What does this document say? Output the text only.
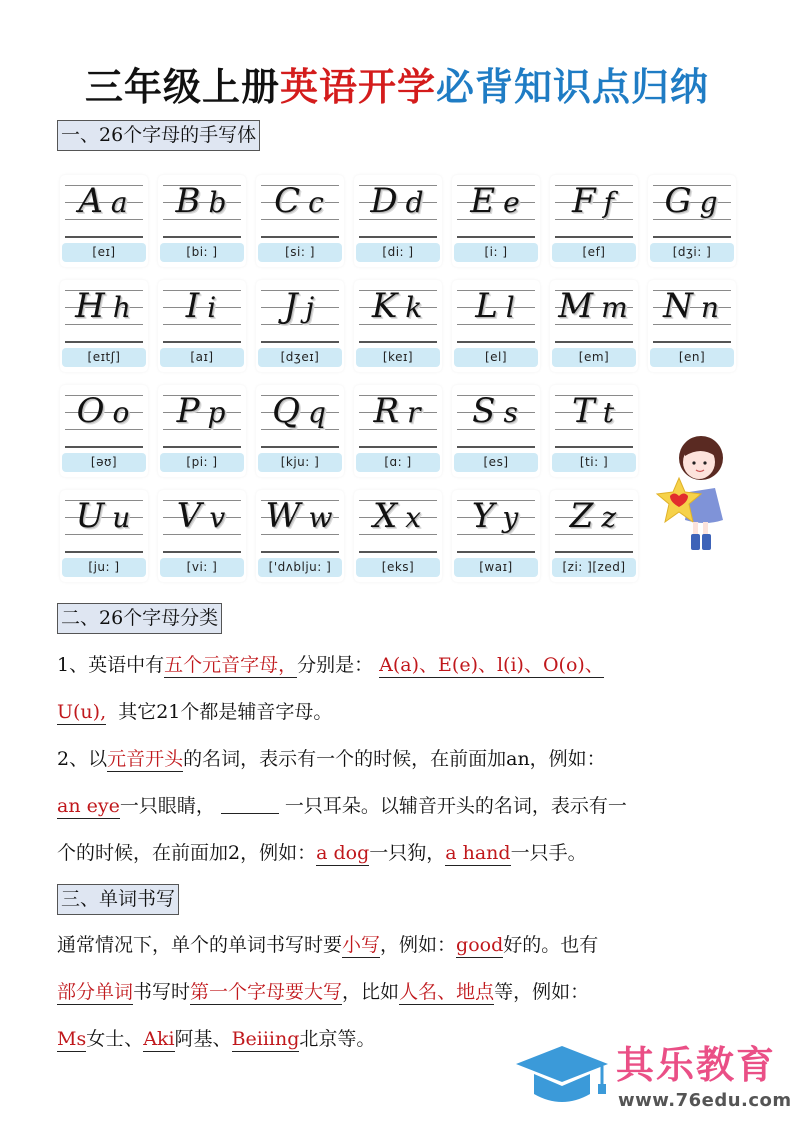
三年级上册英语开学必背知识点归纳
一、26个字母的手写体
A a
[eɪ]
B b
[bi: ]
C c
[si: ]
D d
[di: ]
E e
[i: ]
F f
[ef]
G g
[dʒi: ]
H h
[eɪtʃ]
I i
[aɪ]
J j
[dʒeɪ]
K k
[keɪ]
L l
[el]
M m
[em]
N n
[en]
O o
[əʊ]
P p
[pi: ]
Q q
[kju: ]
R r
[ɑ: ]
S s
[es]
T t
[ti: ]
U u
[ju: ]
V v
[vi: ]
W w
['dʌblju: ]
X x
[eks]
Y y
[waɪ]
Z z
[zi: ][zed]
二、26个字母分类
1、英语中有五个元音字母，分别是： A(a)、E(e)、l(i)、O(o)、
U(u), 其它21个都是辅音字母。
2、以元音开头的名词，表示有一个的时候，在前面加an，例如：
an eye一只眼睛，	一只耳朵。以辅音开头的名词，表示有一
个的时候，在前面加2，例如：a dog一只狗，a hand一只手。
三、单词书写
通常情况下，单个的单词书写时要小写，例如：good好的。也有
部分单词书写时第一个字母要大写，比如人名、地点等，例如：
Ms女士、Aki阿基、Beiiing北京等。
其乐教育
www.76edu.com
